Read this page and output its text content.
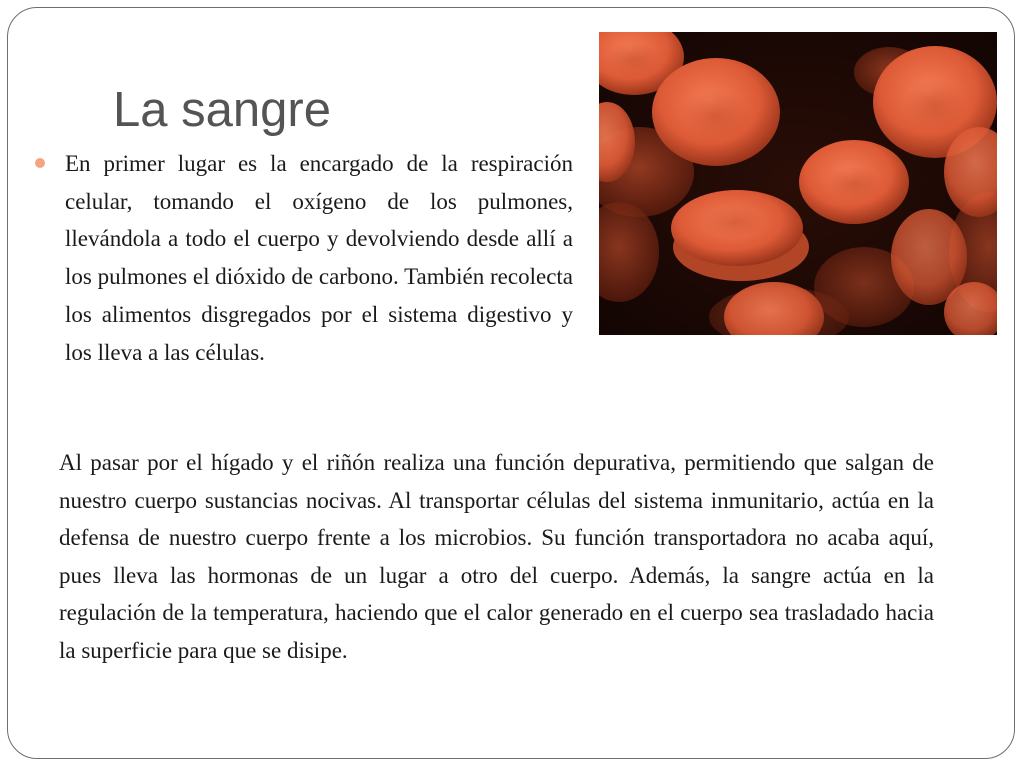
La sangre

En primer lugar es la encargado de la respiración celular, tomando el oxígeno de los pulmones, llevándola a todo el cuerpo y devolviendo desde allí a los pulmones el dióxido de carbono. También recolecta los alimentos disgregados por el sistema digestivo y los lleva a las células.

Al pasar por el hígado y el riñón realiza una función depurativa, permitiendo que salgan de nuestro cuerpo sustancias nocivas. Al transportar células del sistema inmunitario, actúa en la defensa de nuestro cuerpo frente a los microbios. Su función transportadora no acaba aquí, pues lleva las hormonas de un lugar a otro del cuerpo. Además, la sangre actúa en la regulación de la temperatura, haciendo que el calor generado en el cuerpo sea trasladado hacia la superficie para que se disipe.
